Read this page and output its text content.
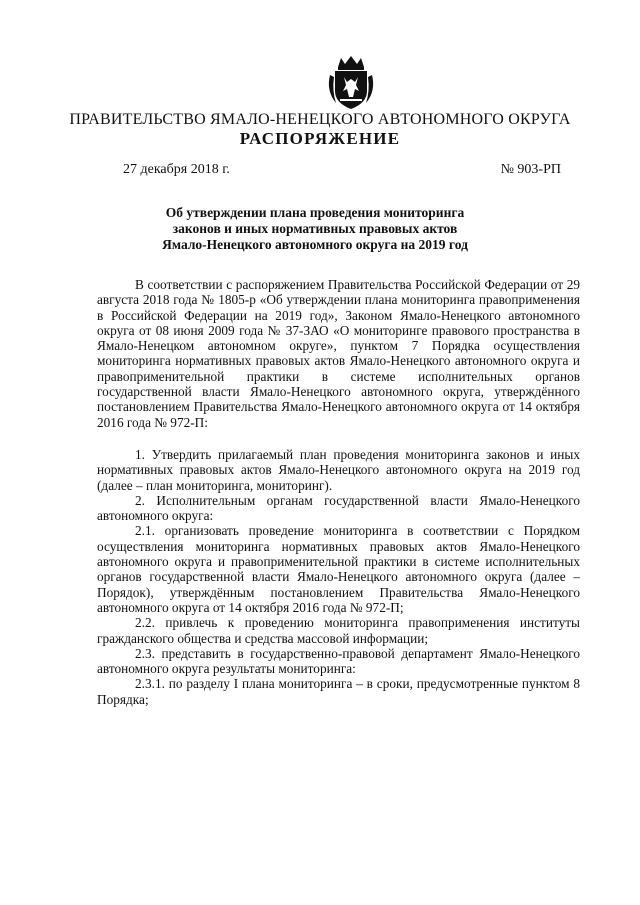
ПРАВИТЕЛЬСТВО ЯМАЛО-НЕНЕЦКОГО АВТОНОМНОГО ОКРУГА
РАСПОРЯЖЕНИЕ
27 декабря 2018 г.	№ 903-РП
Об утверждении плана проведения мониторинга
законов и иных нормативных правовых актов
Ямало-Ненецкого автономного округа на 2019 год

В соответствии с распоряжением Правительства Российской Федерации от 29 августа 2018 года № 1805-р «Об утверждении плана мониторинга правоприменения в Российской Федерации на 2019 год», Законом Ямало-Ненецкого автономного округа от 08 июня 2009 года № 37-ЗАО «О мониторинге правового пространства в Ямало-Ненецком автономном округе», пунктом 7 Порядка осуществления мониторинга нормативных правовых актов Ямало-Ненецкого автономного округа и правоприменительной практики в системе исполнительных органов государственной власти Ямало-Ненецкого автономного округа, утверждённого постановлением Правительства Ямало-Ненецкого автономного округа от 14 октября 2016 года № 972-П:

1. Утвердить прилагаемый план проведения мониторинга законов и иных нормативных правовых актов Ямало-Ненецкого автономного округа на 2019 год (далее – план мониторинга, мониторинг).

2. Исполнительным органам государственной власти Ямало-Ненецкого автономного округа:

2.1. организовать проведение мониторинга в соответствии с Порядком осуществления мониторинга нормативных правовых актов Ямало-Ненецкого автономного округа и правоприменительной практики в системе исполнительных органов государственной власти Ямало-Ненецкого автономного округа (далее – Порядок), утверждённым постановлением Правительства Ямало-Ненецкого автономного округа от 14 октября 2016 года № 972-П;

2.2. привлечь к проведению мониторинга правоприменения институты гражданского общества и средства массовой информации;

2.3. представить в государственно-правовой департамент Ямало-Ненецкого автономного округа результаты мониторинга:

2.3.1. по разделу I плана мониторинга – в сроки, предусмотренные пунктом 8 Порядка;
